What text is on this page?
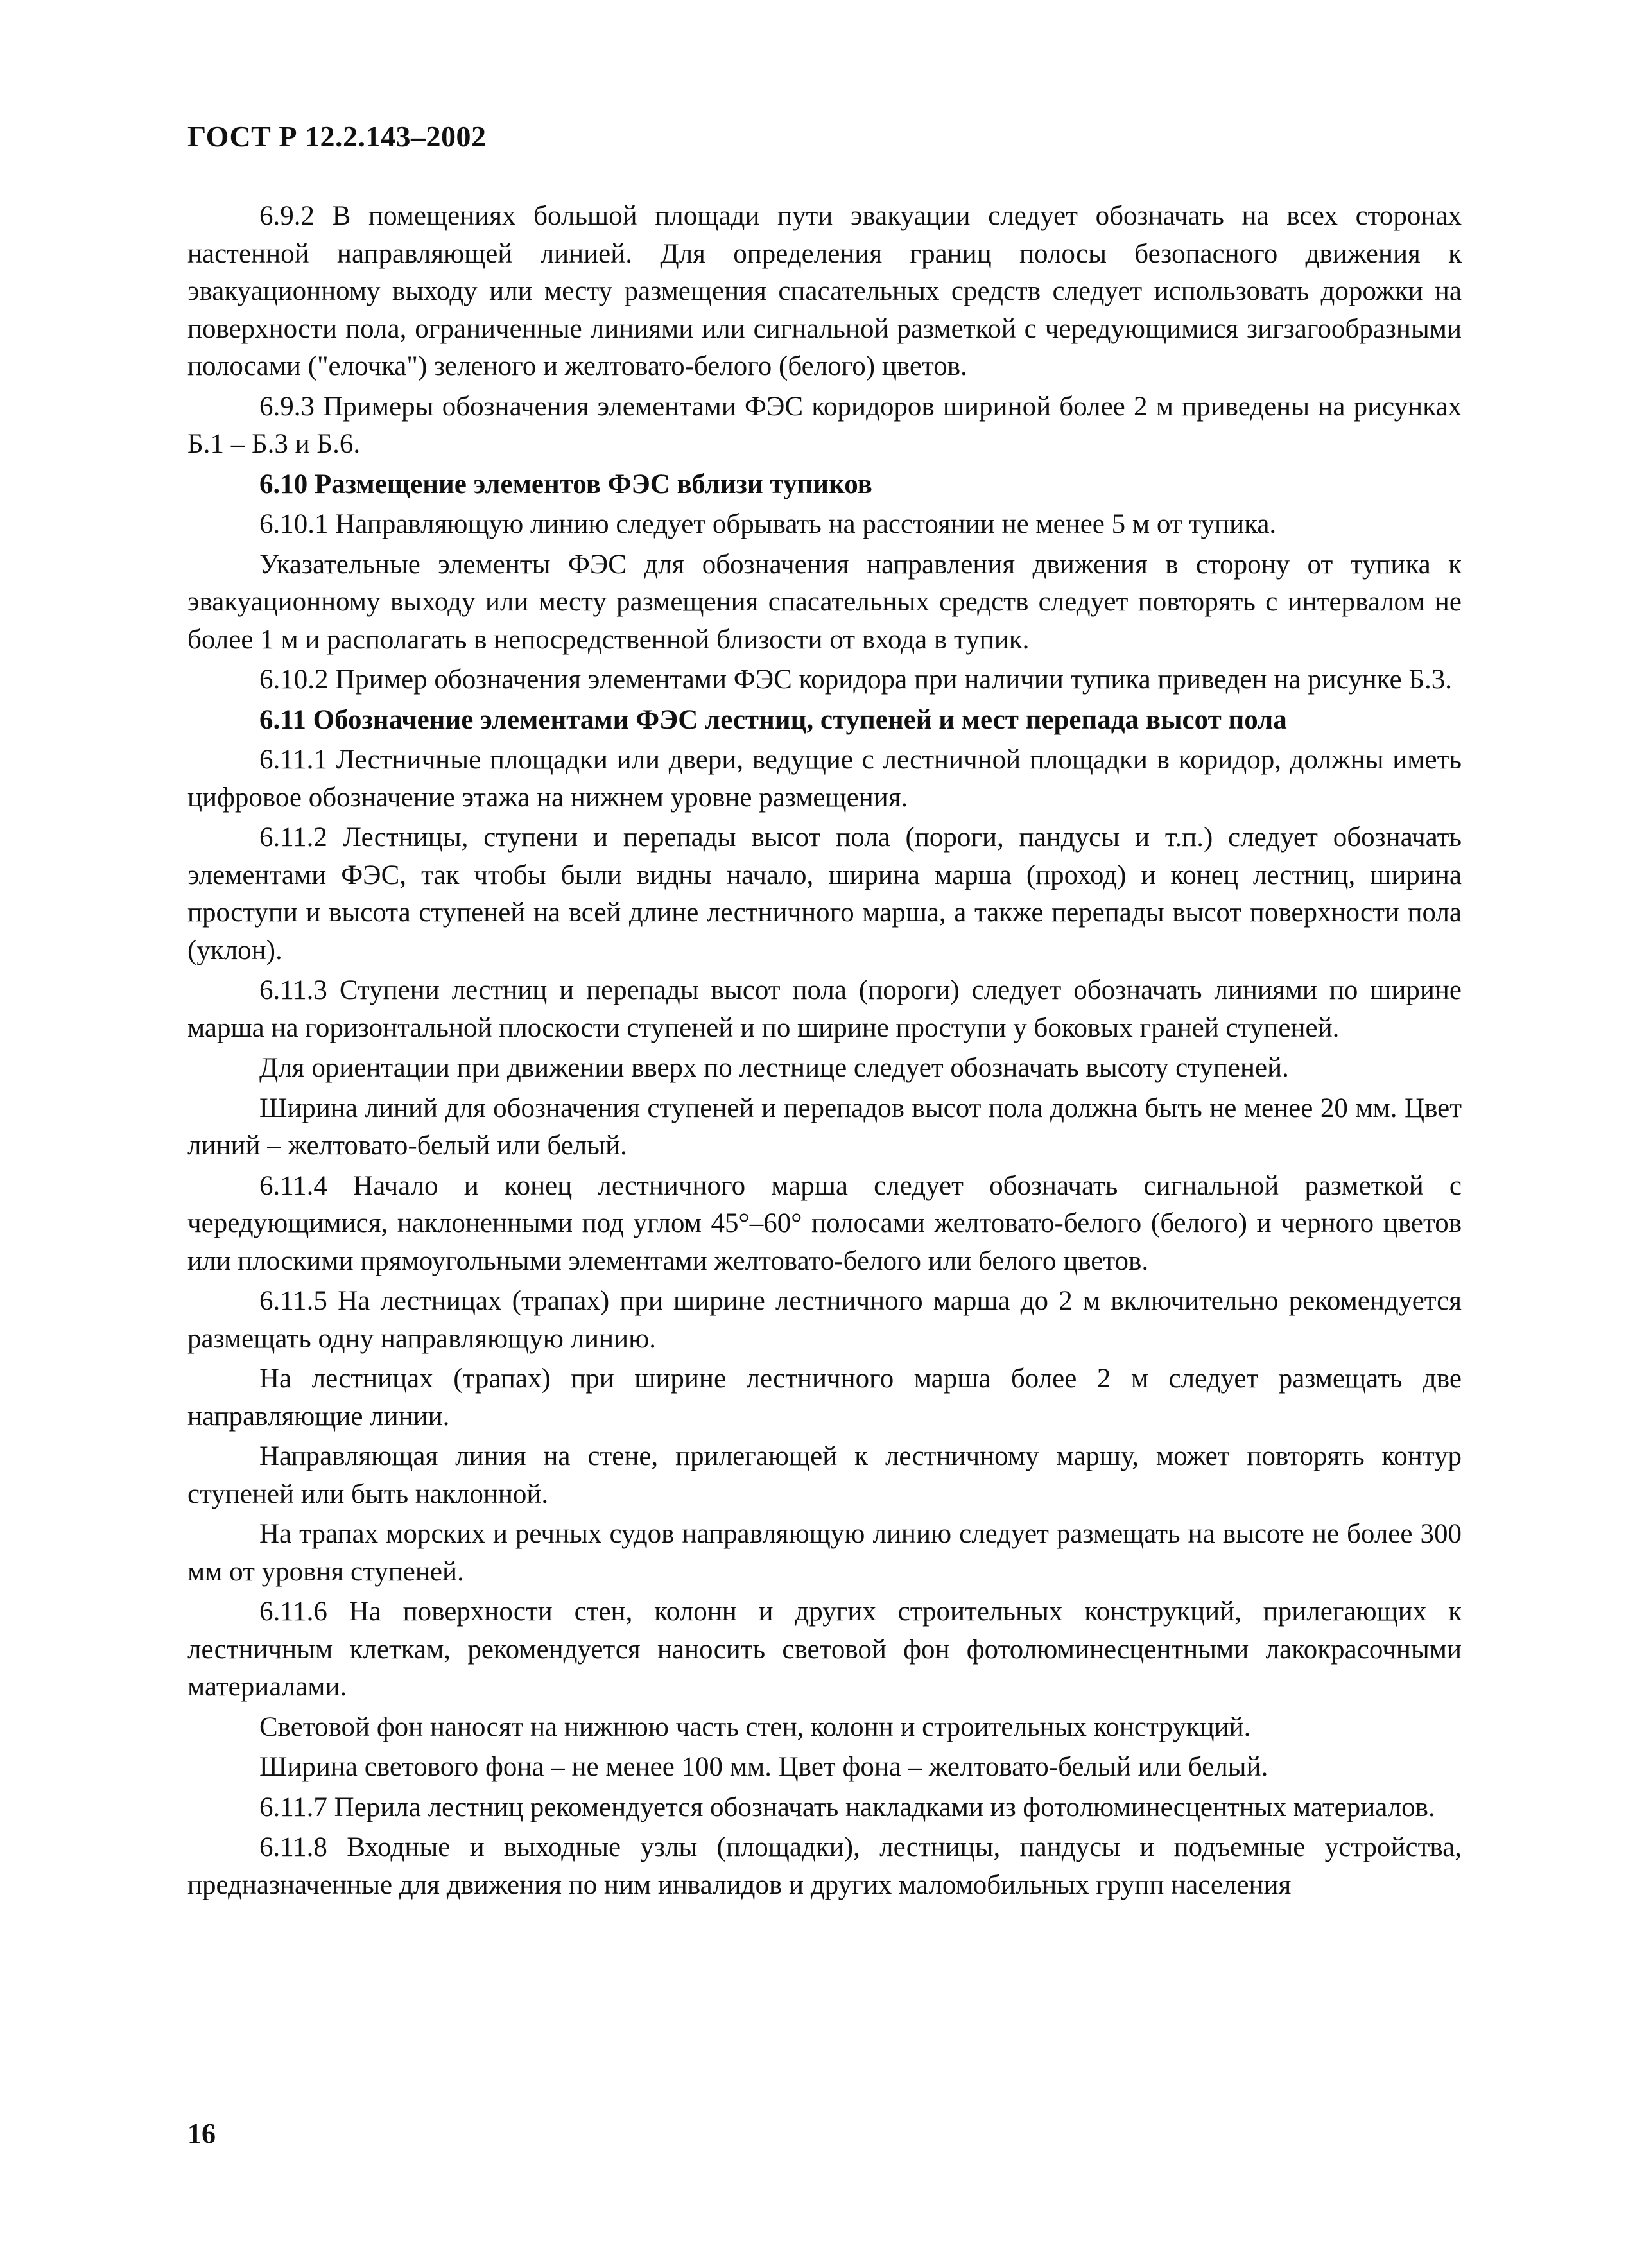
ГОСТ Р 12.2.143–2002

6.9.2 В помещениях большой площади пути эвакуации следует обозначать на всех сторонах настенной направляющей линией. Для определения границ полосы безопасного движения к эвакуационному выходу или месту размещения спасательных средств следует использовать дорожки на поверхности пола, ограниченные линиями или сигнальной разметкой с чередующимися зигзагообразными полосами ("елочка") зеленого и желтовато-белого (белого) цветов.

6.9.3 Примеры обозначения элементами ФЭС коридоров шириной более 2 м приведены на рисунках Б.1 – Б.3 и Б.6.

6.10 Размещение элементов ФЭС вблизи тупиков

6.10.1 Направляющую линию следует обрывать на расстоянии не менее 5 м от тупика.

Указательные элементы ФЭС для обозначения направления движения в сторону от тупика к эвакуационному выходу или месту размещения спасательных средств следует повторять с интервалом не более 1 м и располагать в непосредственной близости от входа в тупик.

6.10.2 Пример обозначения элементами ФЭС коридора при наличии тупика приведен на рисунке Б.3.

6.11 Обозначение элементами ФЭС лестниц, ступеней и мест перепада высот пола

6.11.1 Лестничные площадки или двери, ведущие с лестничной площадки в коридор, должны иметь цифровое обозначение этажа на нижнем уровне размещения.

6.11.2 Лестницы, ступени и перепады высот пола (пороги, пандусы и т.п.) следует обозначать элементами ФЭС, так чтобы были видны начало, ширина марша (проход) и конец лестниц, ширина проступи и высота ступеней на всей длине лестничного марша, а также перепады высот поверхности пола (уклон).

6.11.3 Ступени лестниц и перепады высот пола (пороги) следует обозначать линиями по ширине марша на горизонтальной плоскости ступеней и по ширине проступи у боковых граней ступеней.

Для ориентации при движении вверх по лестнице следует обозначать высоту ступеней.

Ширина линий для обозначения ступеней и перепадов высот пола должна быть не менее 20 мм. Цвет линий – желтовато-белый или белый.

6.11.4 Начало и конец лестничного марша следует обозначать сигнальной разметкой с чередующимися, наклоненными под углом 45°–60° полосами желтовато-белого (белого) и черного цветов или плоскими прямоугольными элементами желтовато-белого или белого цветов.

6.11.5 На лестницах (трапах) при ширине лестничного марша до 2 м включительно рекомендуется размещать одну направляющую линию.

На лестницах (трапах) при ширине лестничного марша более 2 м следует размещать две направляющие линии.

Направляющая линия на стене, прилегающей к лестничному маршу, может повторять контур ступеней или быть наклонной.

На трапах морских и речных судов направляющую линию следует размещать на высоте не более 300 мм от уровня ступеней.

6.11.6 На поверхности стен, колонн и других строительных конструкций, прилегающих к лестничным клеткам, рекомендуется наносить световой фон фотолюминесцентными лакокрасочными материалами.

Световой фон наносят на нижнюю часть стен, колонн и строительных конструкций.

Ширина светового фона – не менее 100 мм. Цвет фона – желтовато-белый или белый.

6.11.7 Перила лестниц рекомендуется обозначать накладками из фотолюминесцентных материалов.

6.11.8 Входные и выходные узлы (площадки), лестницы, пандусы и подъемные устройства, предназначенные для движения по ним инвалидов и других маломобильных групп населения

16
